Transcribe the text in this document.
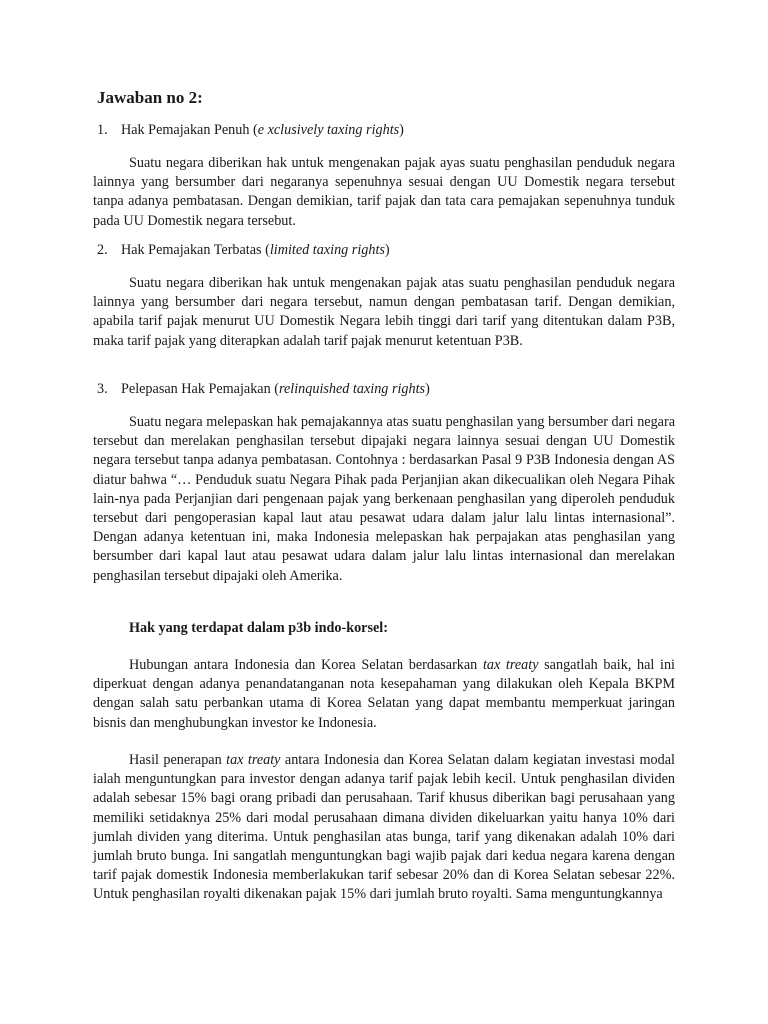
Jawaban no 2:
1. Hak Pemajakan Penuh (e xclusively taxing rights)

Suatu negara diberikan hak untuk mengenakan pajak ayas suatu penghasilan penduduk negara lainnya yang bersumber dari negaranya sepenuhnya sesuai dengan UU Domestik negara tersebut tanpa adanya pembatasan. Dengan demikian, tarif pajak dan tata cara pemajakan sepenuhnya tunduk pada UU Domestik negara tersebut.

2. Hak Pemajakan Terbatas (limited taxing rights)

Suatu negara diberikan hak untuk mengenakan pajak atas suatu penghasilan penduduk negara lainnya yang bersumber dari negara tersebut, namun dengan pembatasan tarif. Dengan demikian, apabila tarif pajak menurut UU Domestik Negara lebih tinggi dari tarif yang ditentukan dalam P3B, maka tarif pajak yang diterapkan adalah tarif pajak menurut ketentuan P3B.

3. Pelepasan Hak Pemajakan (relinquished taxing rights)

Suatu negara melepaskan hak pemajakannya atas suatu penghasilan yang bersumber dari negara tersebut dan merelakan penghasilan tersebut dipajaki negara lainnya sesuai dengan UU Domestik negara tersebut tanpa adanya pembatasan. Contohnya : berdasarkan Pasal 9 P3B Indonesia dengan AS diatur bahwa “… Penduduk suatu Negara Pihak pada Perjanjian akan dikecualikan oleh Negara Pihak lain-nya pada Perjanjian dari pengenaan pajak yang berkenaan penghasilan yang diperoleh penduduk tersebut dari pengoperasian kapal laut atau pesawat udara dalam jalur lalu lintas internasional”. Dengan adanya ketentuan ini, maka Indonesia melepaskan hak perpajakan atas penghasilan yang bersumber dari kapal laut atau pesawat udara dalam jalur lalu lintas internasional dan merelakan penghasilan tersebut dipajaki oleh Amerika.

Hak yang terdapat dalam p3b indo-korsel:

Hubungan antara Indonesia dan Korea Selatan berdasarkan tax treaty sangatlah baik, hal ini diperkuat dengan adanya penandatanganan nota kesepahaman yang dilakukan oleh Kepala BKPM dengan salah satu perbankan utama di Korea Selatan yang dapat membantu memperkuat jaringan bisnis dan menghubungkan investor ke Indonesia.

Hasil penerapan tax treaty antara Indonesia dan Korea Selatan dalam kegiatan investasi modal ialah menguntungkan para investor dengan adanya tarif pajak lebih kecil. Untuk penghasilan dividen adalah sebesar 15% bagi orang pribadi dan perusahaan. Tarif khusus diberikan bagi perusahaan yang memiliki setidaknya 25% dari modal perusahaan dimana dividen dikeluarkan yaitu hanya 10% dari jumlah dividen yang diterima. Untuk penghasilan atas bunga, tarif yang dikenakan adalah 10% dari jumlah bruto bunga. Ini sangatlah menguntungkan bagi wajib pajak dari kedua negara karena dengan tarif pajak domestik Indonesia memberlakukan tarif sebesar 20% dan di Korea Selatan sebesar 22%. Untuk penghasilan royalti dikenakan pajak 15% dari jumlah bruto royalti. Sama menguntungkannya
